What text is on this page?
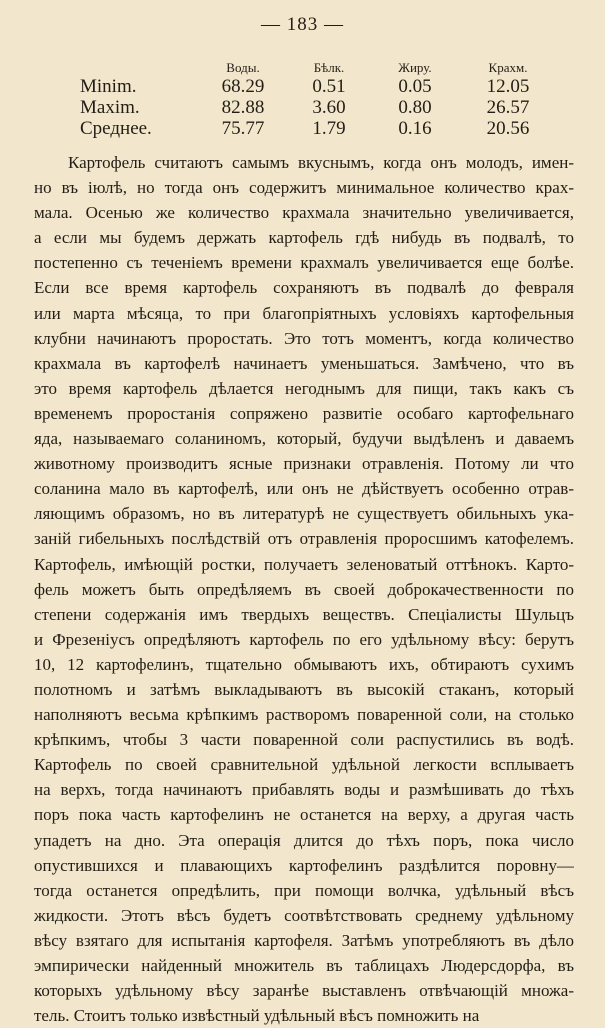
— 183 —
	Воды.	Бѣлк.	Жиру.	Крахм.
Minim.	68.29	0.51	0.05	12.05
Maxim.	82.88	3.60	0.80	26.57
Среднее.	75.77	1.79	0.16	20.56
Картофель считаютъ самымъ вкуснымъ, когда онъ молодъ, имен-
но въ іюлѣ, но тогда онъ содержитъ минимальное количество крах-
мала. Осенью же количество крахмала значительно увеличивается,
а если мы будемъ держать картофель гдѣ нибудь въ подвалѣ, то
постепенно съ теченіемъ времени крахмалъ увеличивается еще болѣе.
Если все время картофель сохраняютъ въ подвалѣ до февраля
или марта мѣсяца, то при благопріятныхъ условіяхъ картофельныя
клубни начинаютъ проростать. Это тотъ моментъ, когда количество
крахмала въ картофелѣ начинаетъ уменьшаться. Замѣчено, что въ
это время картофель дѣлается негоднымъ для пищи, такъ какъ съ
временемъ проростанія сопряжено развитіе особаго картофельнаго
яда, называемаго соланиномъ, который, будучи выдѣленъ и даваемъ
животному производитъ ясные признаки отравленія. Потому ли что
соланина мало въ картофелѣ, или онъ не дѣйствуетъ особенно отрав-
ляющимъ образомъ, но въ литературѣ не существуетъ обильныхъ ука-
заній гибельныхъ послѣдствій отъ отравленія проросшимъ катофелемъ.
Картофель, имѣющій ростки, получаетъ зеленоватый оттѣнокъ. Карто-
фель можетъ быть опредѣляемъ въ своей доброкачественности по
степени содержанія имъ твердыхъ веществъ. Спеціалисты Шульцъ
и Фрезеніусъ опредѣляютъ картофель по его удѣльному вѣсу: берутъ
10, 12 картофелинъ, тщательно обмываютъ ихъ, обтираютъ сухимъ
полотномъ и затѣмъ выкладываютъ въ высокій стаканъ, который
наполняютъ весьма крѣпкимъ растворомъ поваренной соли, на столько
крѣпкимъ, чтобы 3 части поваренной соли распустились въ водѣ.
Картофель по своей сравнительной удѣльной легкости всплываетъ
на верхъ, тогда начинаютъ прибавлять воды и размѣшивать до тѣхъ
поръ пока часть картофелинъ не останется на верху, а другая часть
упадетъ на дно. Эта операція длится до тѣхъ поръ, пока число
опустившихся и плавающихъ картофелинъ раздѣлится поровну—
тогда останется опредѣлить, при помощи волчка, удѣльный вѣсъ
жидкости. Этотъ вѣсъ будетъ соотвѣтствовать среднему удѣльному
вѣсу взятаго для испытанія картофеля. Затѣмъ употребляютъ въ дѣло
эмпирически найденный множитель въ таблицахъ Людерсдорфа, въ
которыхъ удѣльному вѣсу заранѣе выставленъ отвѣчающій множа-
тель. Стоитъ только извѣстный удѣльный вѣсъ помножить на
